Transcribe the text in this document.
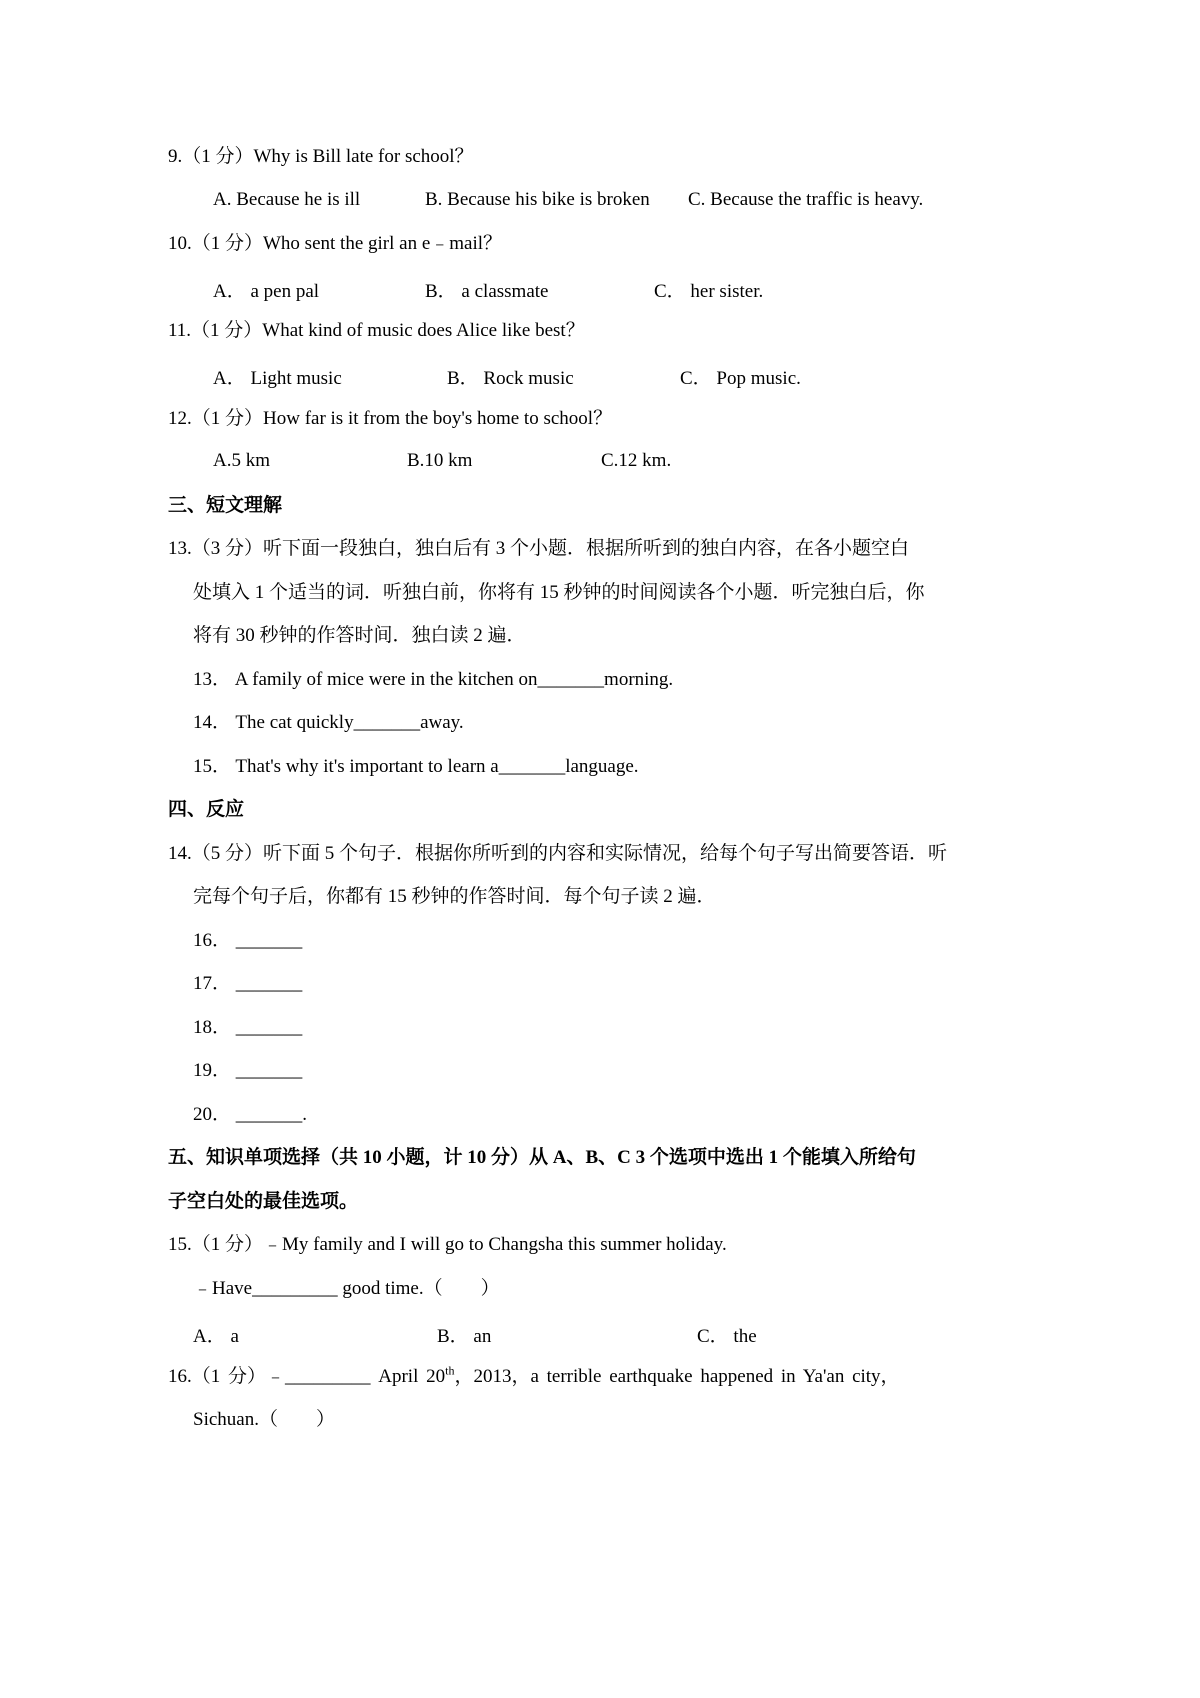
9.（1 分）Why is Bill late for school？
A. Because he is ill	B. Because his bike is broken C. Because the traffic is heavy.
10.（1 分）Who sent the girl an e﹣mail？
A． a pen pal	B． a classmate	C． her sister.
11.（1 分）What kind of music does Alice like best？
A． Light music	B． Rock music	C． Pop music.
12.（1 分）How far is it from the boy's home to school？
A.5 km	B.10 km	C.12 km.
三、短文理解
13.（3 分）听下面一段独白，独白后有 3 个小题．根据所听到的独白内容，在各小题空白
处填入 1 个适当的词．听独白前，你将有 15 秒钟的时间阅读各个小题．听完独白后，你
将有 30 秒钟的作答时间．独白读 2 遍．
13． A family of mice were in the kitchen on_______morning.
14． The cat quickly_______away.
15． That's why it's important to learn a_______language.
四、反应
14.（5 分）听下面 5 个句子．根据你所听到的内容和实际情况，给每个句子写出简要答语．听
完每个句子后，你都有 15 秒钟的作答时间．每个句子读 2 遍．
16． _______
17． _______
18． _______
19． _______
20． _______.
五、知识单项选择（共 10 小题，计 10 分）从 A、B、C 3 个选项中选出 1 个能填入所给句
子空白处的最佳选项。
15.（1 分）﹣My family and I will go to Changsha this summer holiday.
﹣Have_________ good time.（　　）
A． a	B． an	C． the
16.（1 分）﹣_________ April 20th，2013，a terrible earthquake happened in Ya'an city，
Sichuan.（　　）
